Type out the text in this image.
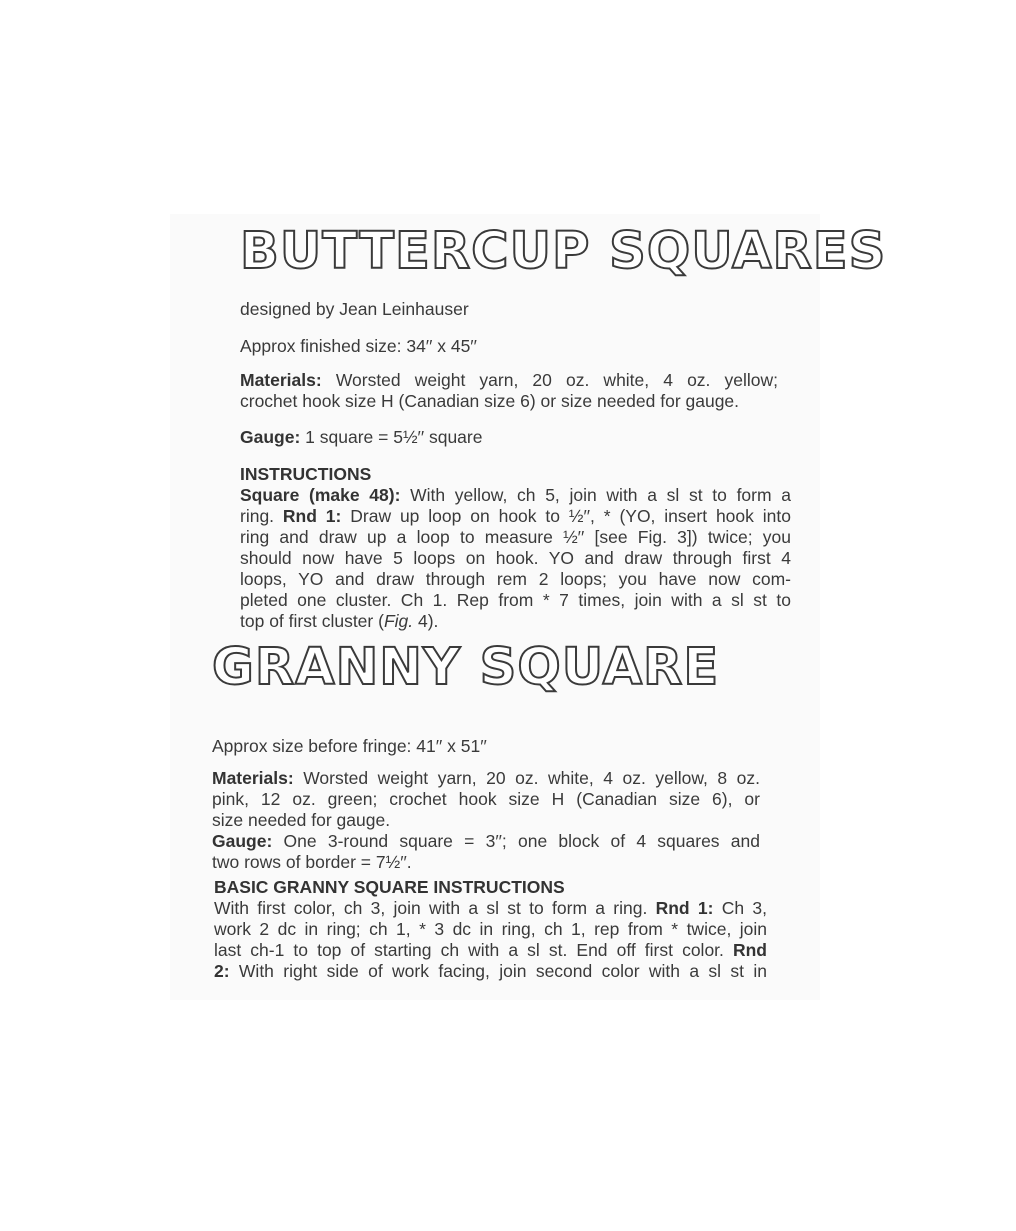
BUTTERCUP SQUARES

designed by Jean Leinhauser

Approx finished size: 34′′ x 45′′

Materials: Worsted weight yarn, 20 oz. white, 4 oz. yellow;

crochet hook size H (Canadian size 6) or size needed for gauge.

Gauge: 1 square = 5½′′ square

INSTRUCTIONS

Square (make 48): With yellow, ch 5, join with a sl st to form a

ring. Rnd 1: Draw up loop on hook to ½′′, * (YO, insert hook into

ring and draw up a loop to measure ½′′ [see Fig. 3]) twice; you

should now have 5 loops on hook. YO and draw through first 4

loops, YO and draw through rem 2 loops; you have now com-

pleted one cluster. Ch 1. Rep from * 7 times, join with a sl st to

top of first cluster (Fig. 4).

GRANNY SQUARE

Approx size before fringe: 41′′ x 51′′

Materials: Worsted weight yarn, 20 oz. white, 4 oz. yellow, 8 oz.

pink, 12 oz. green; crochet hook size H (Canadian size 6), or

size needed for gauge.

Gauge: One 3-round square = 3′′; one block of 4 squares and

two rows of border = 7½′′.

BASIC GRANNY SQUARE INSTRUCTIONS

With first color, ch 3, join with a sl st to form a ring. Rnd 1: Ch 3,

work 2 dc in ring; ch 1, * 3 dc in ring, ch 1, rep from * twice, join

last ch-1 to top of starting ch with a sl st. End off first color. Rnd

2: With right side of work facing, join second color with a sl st in
